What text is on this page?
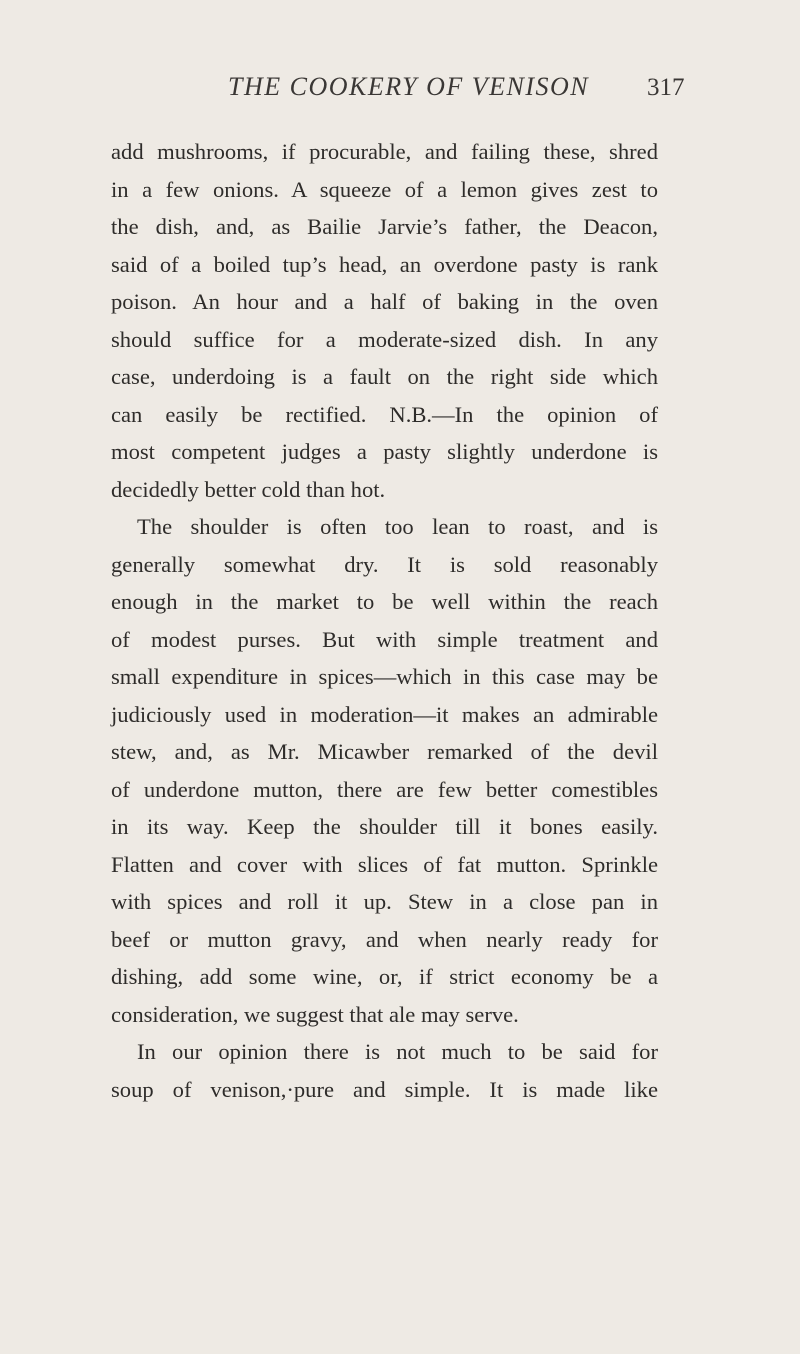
THE COOKERY OF VENISON 317
add mushrooms, if procurable, and failing these, shred
in a few onions. A squeeze of a lemon gives zest to
the dish, and, as Bailie Jarvie’s father, the Deacon,
said of a boiled tup’s head, an overdone pasty is rank
poison. An hour and a half of baking in the oven
should suffice for a moderate-sized dish. In any
case, underdoing is a fault on the right side which
can easily be rectified. N.B.—In the opinion of
most competent judges a pasty slightly underdone is
decidedly better cold than hot.
The shoulder is often too lean to roast, and is
generally somewhat dry. It is sold reasonably
enough in the market to be well within the reach
of modest purses. But with simple treatment and
small expenditure in spices—which in this case may be
judiciously used in moderation—it makes an admirable
stew, and, as Mr. Micawber remarked of the devil
of underdone mutton, there are few better comestibles
in its way. Keep the shoulder till it bones easily.
Flatten and cover with slices of fat mutton. Sprinkle
with spices and roll it up. Stew in a close pan in
beef or mutton gravy, and when nearly ready for
dishing, add some wine, or, if strict economy be a
consideration, we suggest that ale may serve.
In our opinion there is not much to be said for
soup of venison,·pure and simple. It is made like
